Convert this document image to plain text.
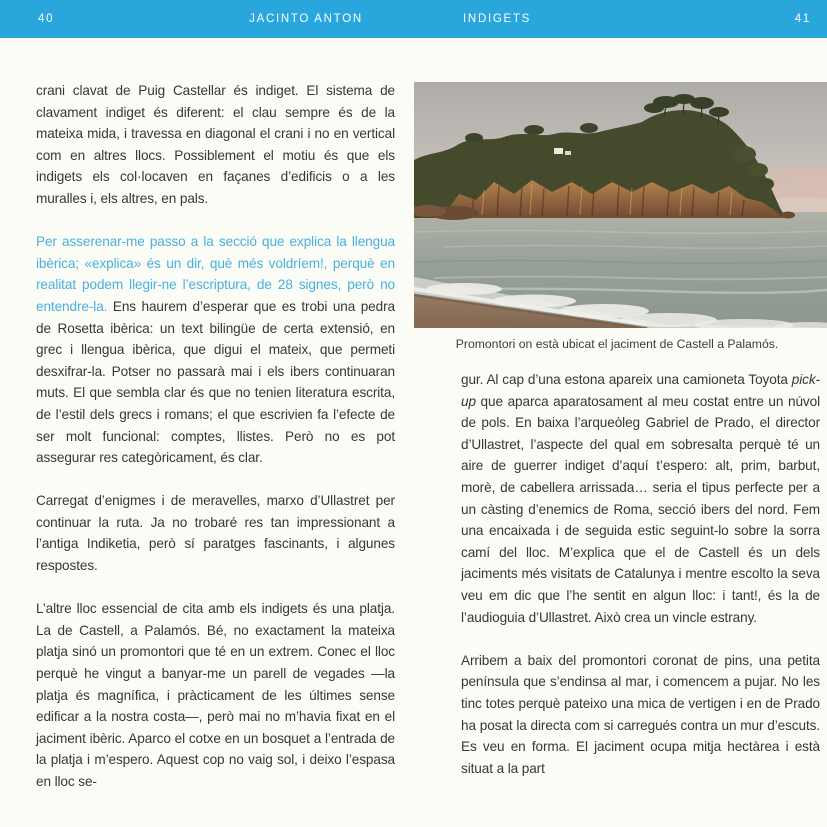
40	JACINTO ANTON	INDIGETS	41

crani clavat de Puig Castellar és indiget. El sistema de clavament indiget és diferent: el clau sempre és de la mateixa mida, i travessa en diagonal el crani i no en vertical com en altres llocs. Possiblement el motiu és que els indigets els col·locaven en façanes d’edificis o a les muralles i, els altres, en pals.

Per asserenar-me passo a la secció que explica la llengua ibèrica; «explica» és un dir, què més voldríem!, perquè en realitat podem llegir-ne l’escriptura, de 28 signes, però no entendre-la. Ens haurem d’esperar que es trobi una pedra de Rosetta ibèrica: un text bilingüe de certa extensió, en grec i llengua ibèrica, que digui el mateix, que permeti desxifrar-la. Potser no passarà mai i els ibers continuaran muts. El que sembla clar és que no tenien literatura escrita, de l’estil dels grecs i romans; el que escrivien fa l’efecte de ser molt funcional: comptes, llistes. Però no es pot assegurar res categòricament, és clar.

Carregat d’enigmes i de meravelles, marxo d’Ullastret per continuar la ruta. Ja no trobaré res tan impressionant a l’antiga Indiketia, però sí paratges fascinants, i algunes respostes.

L’altre lloc essencial de cita amb els indigets és una platja. La de Castell, a Palamós. Bé, no exactament la mateixa platja sinó un promontori que té en un extrem. Conec el lloc perquè he vingut a banyar-me un parell de vegades —la platja és magnífica, i pràcticament de les últimes sense edificar a la nostra costa—, però mai no m’havia fixat en el jaciment ibèric. Aparco el cotxe en un bosquet a l’entrada de la platja i m’espero. Aquest cop no vaig sol, i deixo l’espasa en lloc se-

Promontori on està ubicat el jaciment de Castell a Palamós.

gur. Al cap d’una estona apareix una camioneta Toyota pick-up que aparca aparatosament al meu costat entre un núvol de pols. En baixa l’arqueòleg Gabriel de Prado, el director d’Ullastret, l’aspecte del qual em sobresalta perquè té un aire de guerrer indiget d’aquí t’espero: alt, prim, barbut, morè, de cabellera arrissada… seria el tipus perfecte per a un càsting d’enemics de Roma, secció ibers del nord. Fem una encaixada i de seguida estic seguint-lo sobre la sorra camí del lloc. M’explica que el de Castell és un dels jaciments més visitats de Catalunya i mentre escolto la seva veu em dic que l’he sentit en algun lloc: i tant!, és la de l’audioguia d’Ullastret. Això crea un vincle estrany.

Arribem a baix del promontori coronat de pins, una petita península que s’endinsa al mar, i comencem a pujar. No les tinc totes perquè pateixo una mica de vertigen i en de Prado ha posat la directa com si carregués contra un mur d’escuts. Es veu en forma. El jaciment ocupa mitja hectàrea i està situat a la part
